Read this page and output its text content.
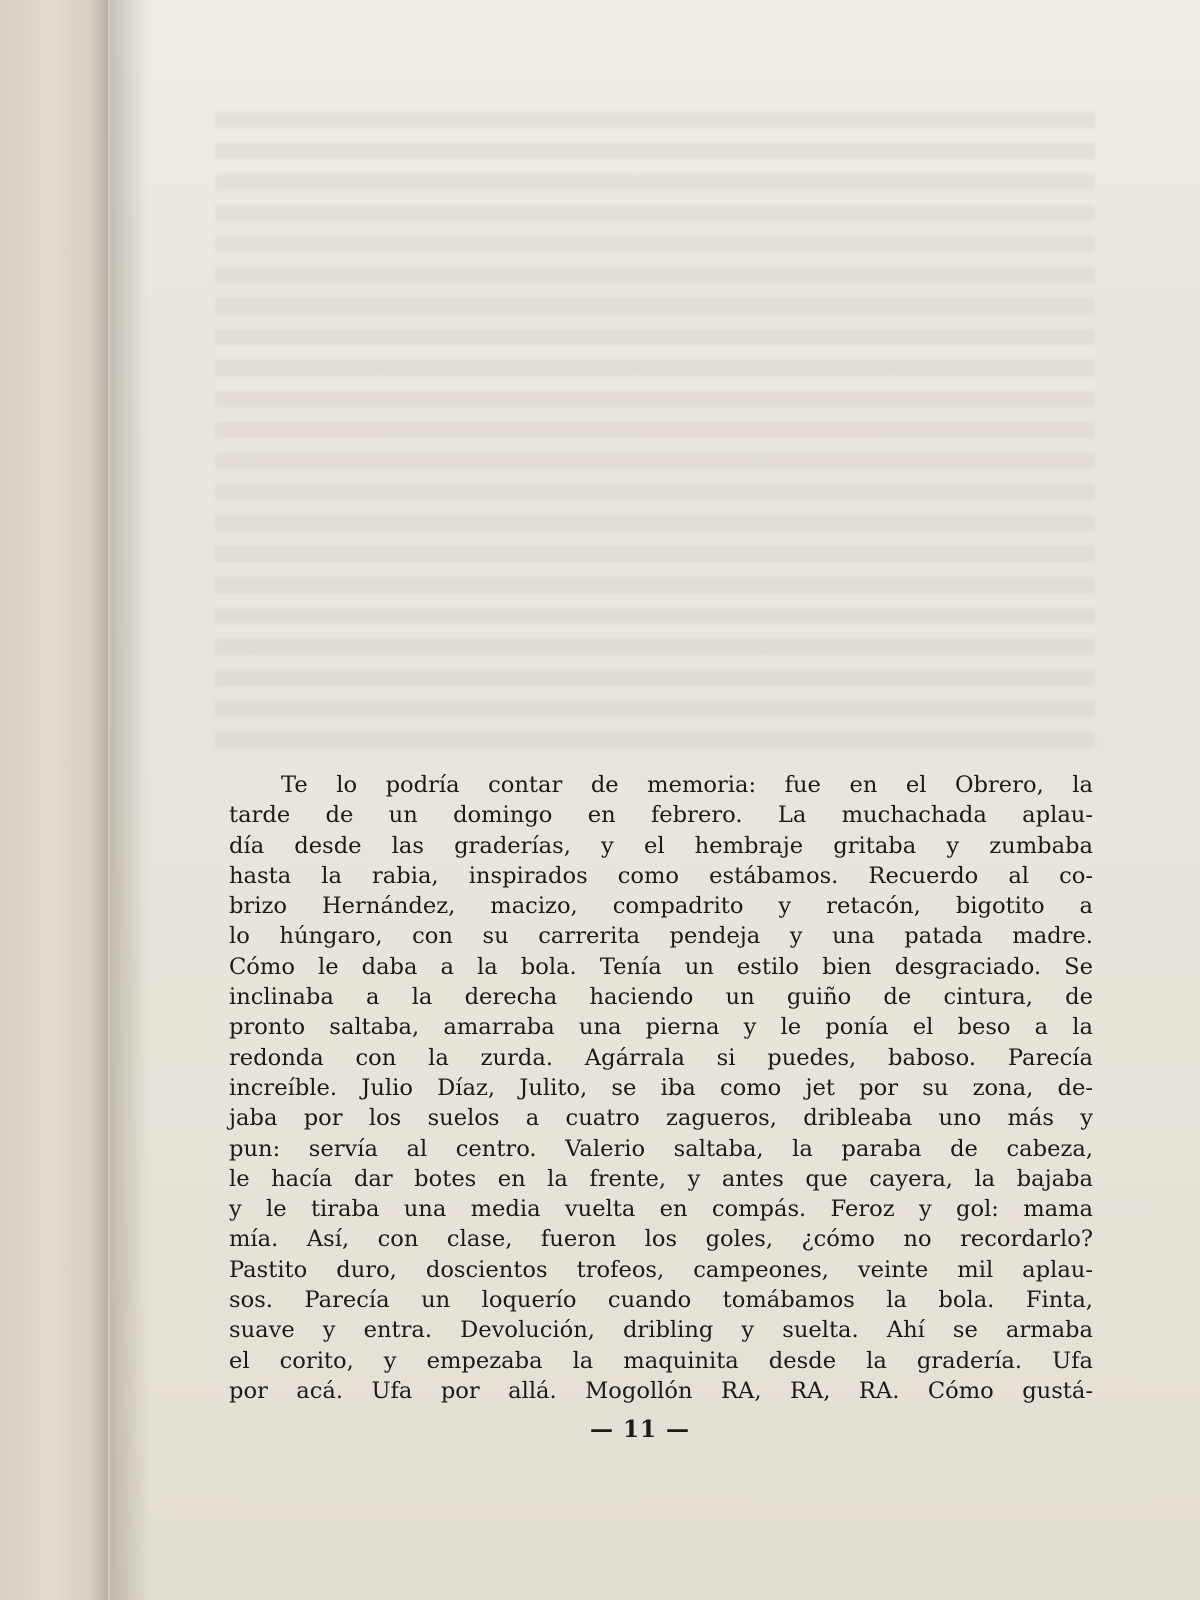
Te lo podría contar de memoria: fue en el Obrero, la
tarde de un domingo en febrero. La muchachada aplau-
día desde las graderías, y el hembraje gritaba y zumbaba
hasta la rabia, inspirados como estábamos. Recuerdo al co-
brizo Hernández, macizo, compadrito y retacón, bigotito a
lo húngaro, con su carrerita pendeja y una patada madre.
Cómo le daba a la bola. Tenía un estilo bien desgraciado. Se
inclinaba a la derecha haciendo un guiño de cintura, de
pronto saltaba, amarraba una pierna y le ponía el beso a la
redonda con la zurda. Agárrala si puedes, baboso. Parecía
increíble. Julio Díaz, Julito, se iba como jet por su zona, de-
jaba por los suelos a cuatro zagueros, dribleaba uno más y
pun: servía al centro. Valerio saltaba, la paraba de cabeza,
le hacía dar botes en la frente, y antes que cayera, la bajaba
y le tiraba una media vuelta en compás. Feroz y gol: mama
mía. Así, con clase, fueron los goles, ¿cómo no recordarlo?
Pastito duro, doscientos trofeos, campeones, veinte mil aplau-
sos. Parecía un loquerío cuando tomábamos la bola. Finta,
suave y entra. Devolución, dribling y suelta. Ahí se armaba
el corito, y empezaba la maquinita desde la gradería. Ufa
por acá. Ufa por allá. Mogollón RA, RA, RA. Cómo gustá-
— 11 —
